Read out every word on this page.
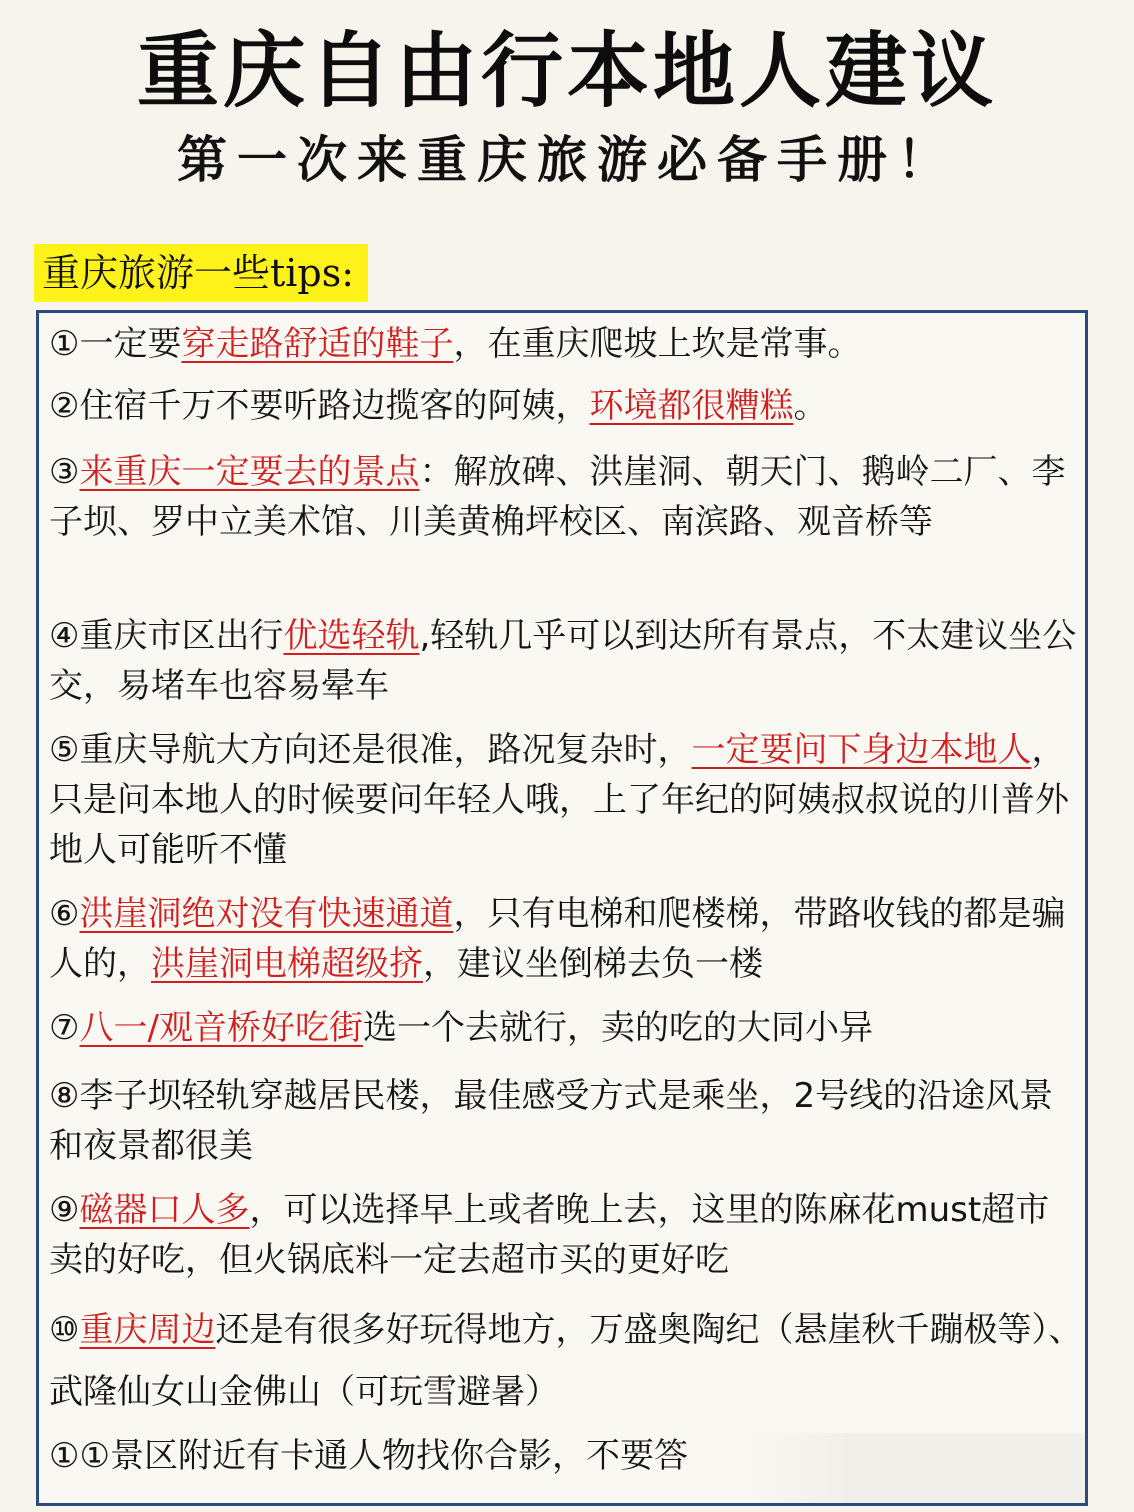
重庆自由行本地人建议
第一次来重庆旅游必备手册！
重庆旅游一些tips:
①一定要穿走路舒适的鞋子，在重庆爬坡上坎是常事。
②住宿千万不要听路边揽客的阿姨，环境都很糟糕。
③来重庆一定要去的景点：解放碑、洪崖洞、朝天门、鹅岭二厂、李子坝、罗中立美术馆、川美黄桷坪校区、南滨路、观音桥等
④重庆市区出行优选轻轨,轻轨几乎可以到达所有景点，不太建议坐公交，易堵车也容易晕车
⑤重庆导航大方向还是很准，路况复杂时，一定要问下身边本地人，只是问本地人的时候要问年轻人哦，上了年纪的阿姨叔叔说的川普外地人可能听不懂
⑥洪崖洞绝对没有快速通道，只有电梯和爬楼梯，带路收钱的都是骗人的，洪崖洞电梯超级挤，建议坐倒梯去负一楼
⑦八一/观音桥好吃街选一个去就行，卖的吃的大同小异
⑧李子坝轻轨穿越居民楼，最佳感受方式是乘坐，2号线的沿途风景和夜景都很美
⑨磁器口人多，可以选择早上或者晚上去，这里的陈麻花must超市卖的好吃，但火锅底料一定去超市买的更好吃
⑩重庆周边还是有很多好玩得地方，万盛奥陶纪（悬崖秋千蹦极等）、武隆仙女山金佛山（可玩雪避暑）
①①景区附近有卡通人物找你合影，不要答
